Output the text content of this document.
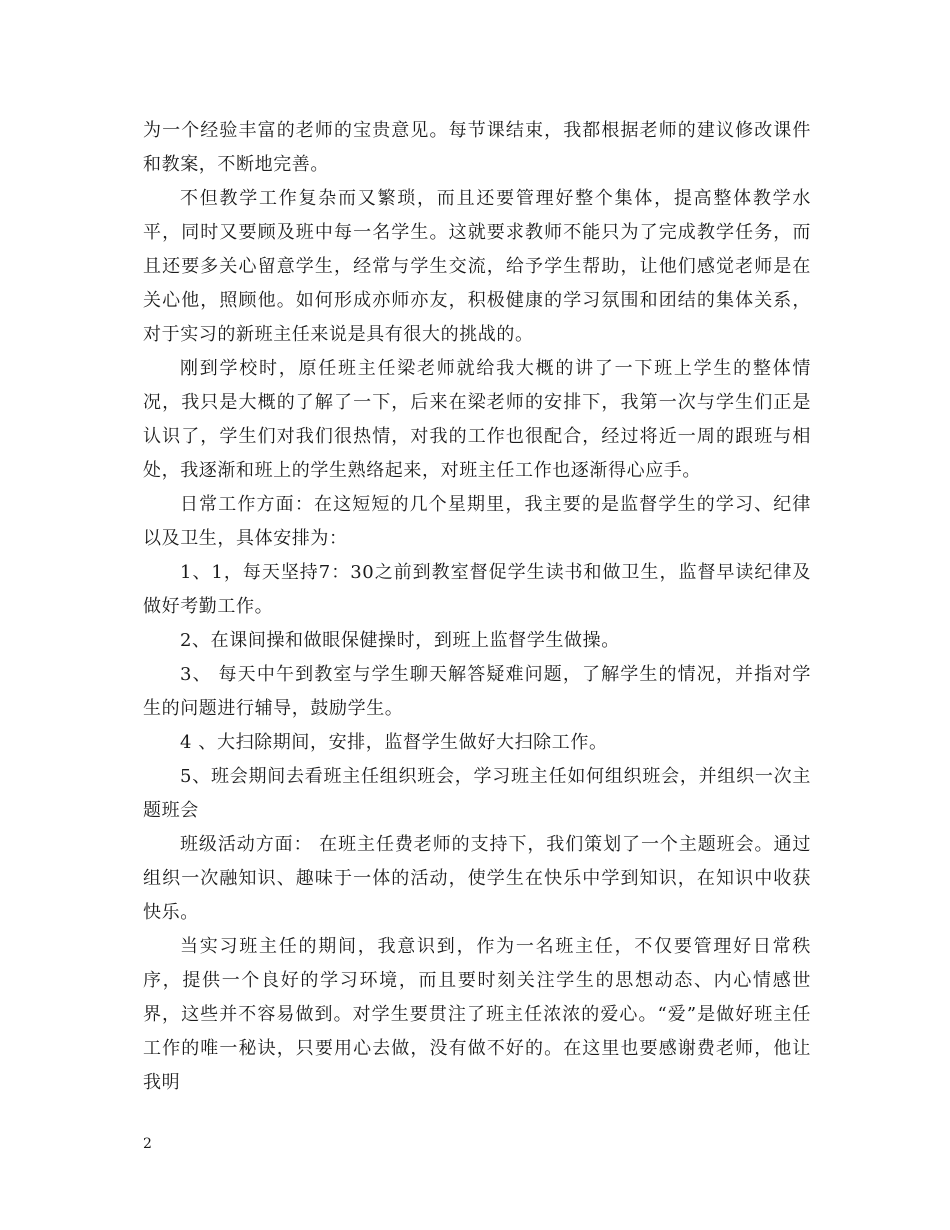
为一个经验丰富的老师的宝贵意见。每节课结束，我都根据老师的建议修改课件和教案，不断地完善。

不但教学工作复杂而又繁琐，而且还要管理好整个集体，提高整体教学水平，同时又要顾及班中每一名学生。这就要求教师不能只为了完成教学任务，而且还要多关心留意学生，经常与学生交流，给予学生帮助，让他们感觉老师是在关心他，照顾他。如何形成亦师亦友，积极健康的学习氛围和团结的集体关系，对于实习的新班主任来说是具有很大的挑战的。

刚到学校时，原任班主任梁老师就给我大概的讲了一下班上学生的整体情况，我只是大概的了解了一下，后来在梁老师的安排下，我第一次与学生们正是认识了，学生们对我们很热情，对我的工作也很配合，经过将近一周的跟班与相处，我逐渐和班上的学生熟络起来，对班主任工作也逐渐得心应手。

日常工作方面：在这短短的几个星期里，我主要的是监督学生的学习、纪律以及卫生，具体安排为：

1、1，每天坚持7：30之前到教室督促学生读书和做卫生，监督早读纪律及做好考勤工作。

2、在课间操和做眼保健操时，到班上监督学生做操。

3、 每天中午到教室与学生聊天解答疑难问题，了解学生的情况，并指对学生的问题进行辅导，鼓励学生。

4 、大扫除期间，安排，监督学生做好大扫除工作。

5、班会期间去看班主任组织班会，学习班主任如何组织班会，并组织一次主题班会

班级活动方面： 在班主任费老师的支持下，我们策划了一个主题班会。通过组织一次融知识、趣味于一体的活动，使学生在快乐中学到知识，在知识中收获快乐。

当实习班主任的期间，我意识到，作为一名班主任，不仅要管理好日常秩序，提供一个良好的学习环境，而且要时刻关注学生的思想动态、内心情感世界，这些并不容易做到。对学生要贯注了班主任浓浓的爱心。“爱”是做好班主任工作的唯一秘诀，只要用心去做，没有做不好的。在这里也要感谢费老师，他让我明

2
